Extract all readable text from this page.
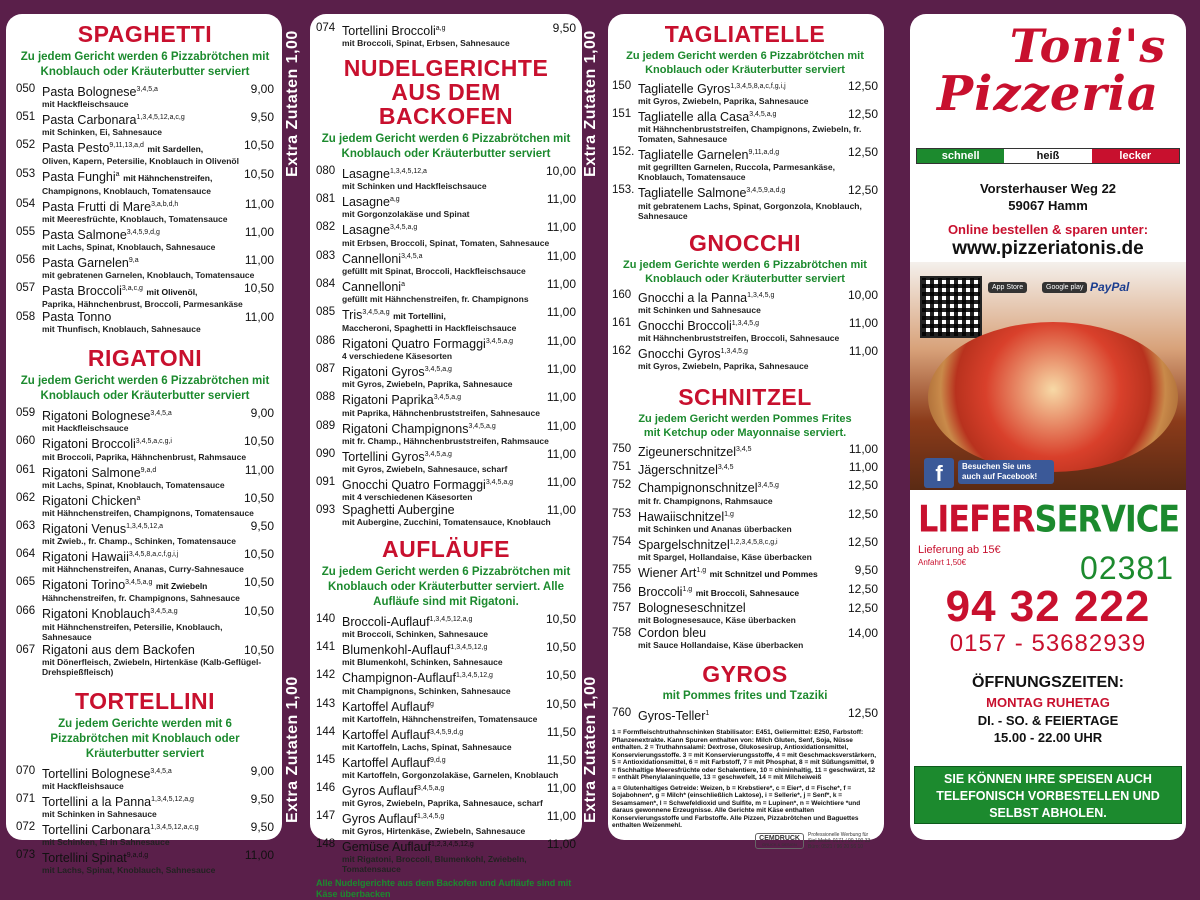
Extra Zutaten 1,00
Extra Zutaten 1,00
Extra Zutaten 1,00
Extra Zutaten 1,00
SPAGHETTI
Zu jedem Gericht werden 6 Pizzabrötchen mit Knoblauch oder Kräuterbutter serviert
050 Pasta Bolognese$^{3,4,5,a}$	9,00
mit Hackfleischsauce
051 Pasta Carbonara$^{1,3,4,5,12,a,c,g}$	9,50
mit Schinken, Ei, Sahnesauce
052 Pasta Pesto$^{9,11,13,a,d}$ mit Sardellen,	10,50
Oliven, Kapern, Petersilie, Knoblauch in Olivenöl
053 Pasta Funghi$^a$ mit Hähnchenstreifen,	10,50
Champignons, Knoblauch, Tomatensauce
054 Pasta Frutti di Mare$^{3,a,b,d,h}$	11,00
mit Meeresfrüchte, Knoblauch, Tomatensauce
055 Pasta Salmone$^{3,4,5,9,d,g}$	11,00
mit Lachs, Spinat, Knoblauch, Sahnesauce
056 Pasta Garnelen$^{9,a}$	11,00
mit gebratenen Garnelen, Knoblauch, Tomatensauce
057 Pasta Broccoli$^{3,a,c,g}$ mit Olivenöl,	10,50
Paprika, Hähnchenbrust, Broccoli, Parmesankäse
058 Pasta Tonno	11,00
mit Thunfisch, Knoblauch, Sahnesauce
RIGATONI
Zu jedem Gericht werden 6 Pizzabrötchen mit Knoblauch oder Kräuterbutter serviert
059 Rigatoni Bolognese$^{3,4,5,a}$	9,00
mit Hackfleischsauce
060 Rigatoni Broccoli$^{3,4,5,a,c,g,i}$	10,50
mit Broccoli, Paprika, Hähnchenbrust, Rahmsauce
061 Rigatoni Salmone$^{9,a,d}$	11,00
mit Lachs, Spinat, Knoblauch, Tomatensauce
062 Rigatoni Chicken$^a$	10,50
mit Hähnchenstreifen, Champignons, Tomatensauce
063 Rigatoni Venus$^{1,3,4,5,12,a}$	9,50
mit Zwieb., fr. Champ., Schinken, Tomatensauce
064 Rigatoni Hawaii$^{3,4,5,8,a,c,f,g,i,j}$	10,50
mit Hähnchenstreifen, Ananas, Curry-Sahnesauce
065 Rigatoni Torino$^{3,4,5,a,g}$ mit Zwiebeln	10,50
Hähnchenstreifen, fr. Champignons, Sahnesauce
066 Rigatoni Knoblauch$^{3,4,5,a,g}$	10,50
mit Hähnchenstreifen, Petersilie, Knoblauch, Sahnesauce
067 Rigatoni aus dem Backofen	10,50
mit Dönerfleisch, Zwiebeln, Hirtenkäse (Kalb-Geflügel-Drehspießfleisch)
TORTELLINI
Zu jedem Gerichte werden mit 6 Pizzabrötchen mit Knoblauch oder Kräuterbutter serviert
070 Tortellini Bolognese$^{3,4,5,a}$	9,00
mit Hackfleishsauce
071 Tortellini a la Panna$^{1,3,4,5,12,a,g}$	9,50
mit Schinken in Sahnesauce
072 Tortellini Carbonara$^{1,3,4,5,12,a,c,g}$	9,50
mit Schinken, Ei in Sahnesauce
073 Tortellini Spinat$^{9,a,d,g}$	11,00
mit Lachs, Spinat, Knoblauch, Sahnesauce
074 Tortellini Broccoli$^{a,g}$	9,50
mit Broccoli, Spinat, Erbsen, Sahnesauce
NUDELGERICHTE AUS DEM BACKOFEN
Zu jedem Gericht werden 6 Pizzabrötchen mit Knoblauch oder Kräuterbutter serviert
080 Lasagne$^{1,3,4,5,12,a}$	10,00
mit Schinken und Hackfleischsauce
081 Lasagne$^{a,g}$	11,00
mit Gorgonzolakäse und Spinat
082 Lasagne$^{3,4,5,a,g}$	11,00
mit Erbsen, Broccoli, Spinat, Tomaten, Sahnesauce
083 Cannelloni$^{3,4,5,a}$	11,00
gefüllt mit Spinat, Broccoli, Hackfleischsauce
084 Cannelloni$^a$	11,00
gefüllt mit Hähnchenstreifen, fr. Champignons
085 Tris$^{3,4,5,a,g}$ mit Tortellini,	11,00
Maccheroni, Spaghetti in Hackfleischsauce
086 Rigatoni Quatro Formaggi$^{3,4,5,a,g}$	11,00
4 verschiedene Käsesorten
087 Rigatoni Gyros$^{3,4,5,a,g}$	11,00
mit Gyros, Zwiebeln, Paprika, Sahnesauce
088 Rigatoni Paprika$^{3,4,5,a,g}$	11,00
mit Paprika, Hähnchenbruststreifen, Sahnesauce
089 Rigatoni Champignons$^{3,4,5,a,g}$	11,00
mit fr. Champ., Hähnchenbruststreifen, Rahmsauce
090 Tortellini Gyros$^{3,4,5,a,g}$	11,00
mit Gyros, Zwiebeln, Sahnesauce, scharf
091 Gnocchi Quatro Formaggi$^{3,4,5,a,g}$	11,00
mit 4 verschiedenen Käsesorten
093 Spaghetti Aubergine	11,00
mit Aubergine, Zucchini, Tomatensauce, Knoblauch
AUFLÄUFE
Zu jedem Gericht werden 6 Pizzabrötchen mit Knoblauch oder Kräuterbutter serviert. Alle Aufläufe sind mit Rigatoni.
140 Broccoli-Auflauf$^{1,3,4,5,12,a,g}$	10,50
mit Broccoli, Schinken, Sahnesauce
141 Blumenkohl-Auflauf$^{1,3,4,5,12,g}$	10,50
mit Blumenkohl, Schinken, Sahnesauce
142 Champignon-Auflauf$^{1,3,4,5,12,g}$	10,50
mit Champignons, Schinken, Sahnesauce
143 Kartoffel Auflauf$^g$	10,50
mit Kartoffeln, Hähnchenstreifen, Tomatensauce
144 Kartoffel Auflauf$^{3,4,5,9,d,g}$	11,50
mit Kartoffeln, Lachs, Spinat, Sahnesauce
145 Kartoffel Auflauf$^{9,d,g}$	11,50
mit Kartoffeln, Gorgonzolakäse, Garnelen, Knoblauch
146 Gyros Auflauf$^{3,4,5,a,g}$	11,00
mit Gyros, Zwiebeln, Paprika, Sahnesauce, scharf
147 Gyros Auflauf$^{1,3,4,5,g}$	11,00
mit Gyros, Hirtenkäse, Zwiebeln, Sahnesauce
148 Gemüse Auflauf$^{1,2,3,4,5,12,g}$	11,00
mit Rigatoni, Broccoli, Blumenkohl, Zwiebeln, Tomatensauce
Alle Nudelgerichte aus dem Backofen und Aufläufe sind mit Käse überbacken
TAGLIATELLE
Zu jedem Gericht werden 6 Pizzabrötchen mit Knoblauch oder Kräuterbutter serviert
150 Tagliatelle Gyros$^{1,3,4,5,8,a,c,f,g,i,j}$	12,50
mit Gyros, Zwiebeln, Paprika, Sahnesauce
151 Tagliatelle alla Casa$^{3,4,5,a,g}$	12,50
mit Hähnchenbruststreifen, Champignons, Zwiebeln, fr. Tomaten, Sahnesauce
152. Tagliatelle Garnelen$^{9,11,a,d,g}$	12,50
mit gegrillten Garnelen, Ruccola, Parmesankäse, Knoblauch, Tomatensauce
153. Tagliatelle Salmone$^{3,4,5,9,a,d,g}$	12,50
mit gebratenem Lachs, Spinat, Gorgonzola, Knoblauch, Sahnesauce
GNOCCHI
Zu jedem Gerichte werden 6 Pizzabrötchen mit Knoblauch oder Kräuterbutter serviert
160 Gnocchi a la Panna$^{1,3,4,5,g}$	10,00
mit Schinken und Sahnesauce
161 Gnocchi Broccoli$^{1,3,4,5,g}$	11,00
mit Hähnchenbruststreifen, Broccoli, Sahnesauce
162 Gnocchi Gyros$^{1,3,4,5,g}$	11,00
mit Gyros, Zwiebeln, Paprika, Sahnesauce
SCHNITZEL
Zu jedem Gericht werden Pommes Frites mit Ketchup oder Mayonnaise serviert.
750 Zigeunerschnitzel$^{3,4,5}$	11,00
751 Jägerschnitzel$^{3,4,5}$	11,00
752 Champignonschnitzel$^{3,4,5,g}$	12,50
mit fr. Champignons, Rahmsauce
753 Hawaiischnitzel$^{1,g}$	12,50
mit Schinken und Ananas überbacken
754 Spargelschnitzel$^{1,2,3,4,5,8,c,g,i}$	12,50
mit Spargel, Hollandaise, Käse überbacken
755 Wiener Art$^{1,g}$ mit Schnitzel und Pommes	9,50
756 Broccoli$^{1,g}$ mit Broccoli, Sahnesauce	12,50
757 Bologneseschnitzel	12,50
mit Bolognesesauce, Käse überbacken
758 Cordon bleu	14,00
mit Sauce Hollandaise, Käse überbacken
GYROS
mit Pommes frites und Tzaziki
760 Gyros-Teller$^1$	12,50
1 = Formfleischtruthahnschinken Stabilisator: E451, Geliermittel: E250, Farbstoff: Pflanzenextrakte. Kann Spuren enthalten von: Milch Gluten, Senf, Soja, Nüsse enthalten. 2 = Truthahnsalami: Dextrose, Glukosesirup, Antioxidationsmittel, Konservierungsstoffe. 3 = mit Konservierungsstoffe, 4 = mit Geschmacksverstärkern, 5 = Antioxidationsmittel, 6 = mit Farbstoff, 7 = mit Phosphat, 8 = mit Süßungsmittel, 9 = fischhaltige Meeresfrüchte oder Schalentiere, 10 = chininhaltig, 11 = geschwärzt, 12 = enthält Phenylalaninquelle, 13 = geschwefelt, 14 = mit Milcheiweiß
a = Glutenhaltiges Getreide: Weizen, b = Krebstiere*, c = Eier*, d = Fische*, f = Sojabohnen*, g = Milch* (einschließlich Laktose), i = Sellerie*, j = Senf*, k = Sesamsamen*, l = Schwefeldioxid und Sulfite, m = Lupinen*, n = Weichtiere *und daraus gewonnene Erzeugnisse. Alle Gerichte mit Käse enthalten Konservierungsstoffe und Farbstoffe. Alle Pizzen, Pizzabrötchen und Baguettes enthalten Weizenmehl.
CEMDRUCK
DRUCK & DESIGN
Professionelle Werbung für Sie! Mobil: 0171 / 90 100 33 Büro: 0521 / 96 20 56 10
Toni's
Pizzeria
schnell	heiß	lecker
Vorsterhauser Weg 22
59067 Hamm
Online bestellen & sparen unter:
www.pizzeriatonis.de
App Store	Google play PayPal
f	Besuchen Sie uns auch auf Facebook!
LIEFERSERVICE
Lieferung ab 15€
Anfahrt 1,50€	02381
94 32 222
0157 - 53682939
ÖFFNUNGSZEITEN:
MONTAG RUHETAG
DI. - SO. & FEIERTAGE
15.00 - 22.00 UHR
SIE KÖNNEN IHRE SPEISEN AUCH TELEFONISCH VORBESTELLEN UND SELBST ABHOLEN.
